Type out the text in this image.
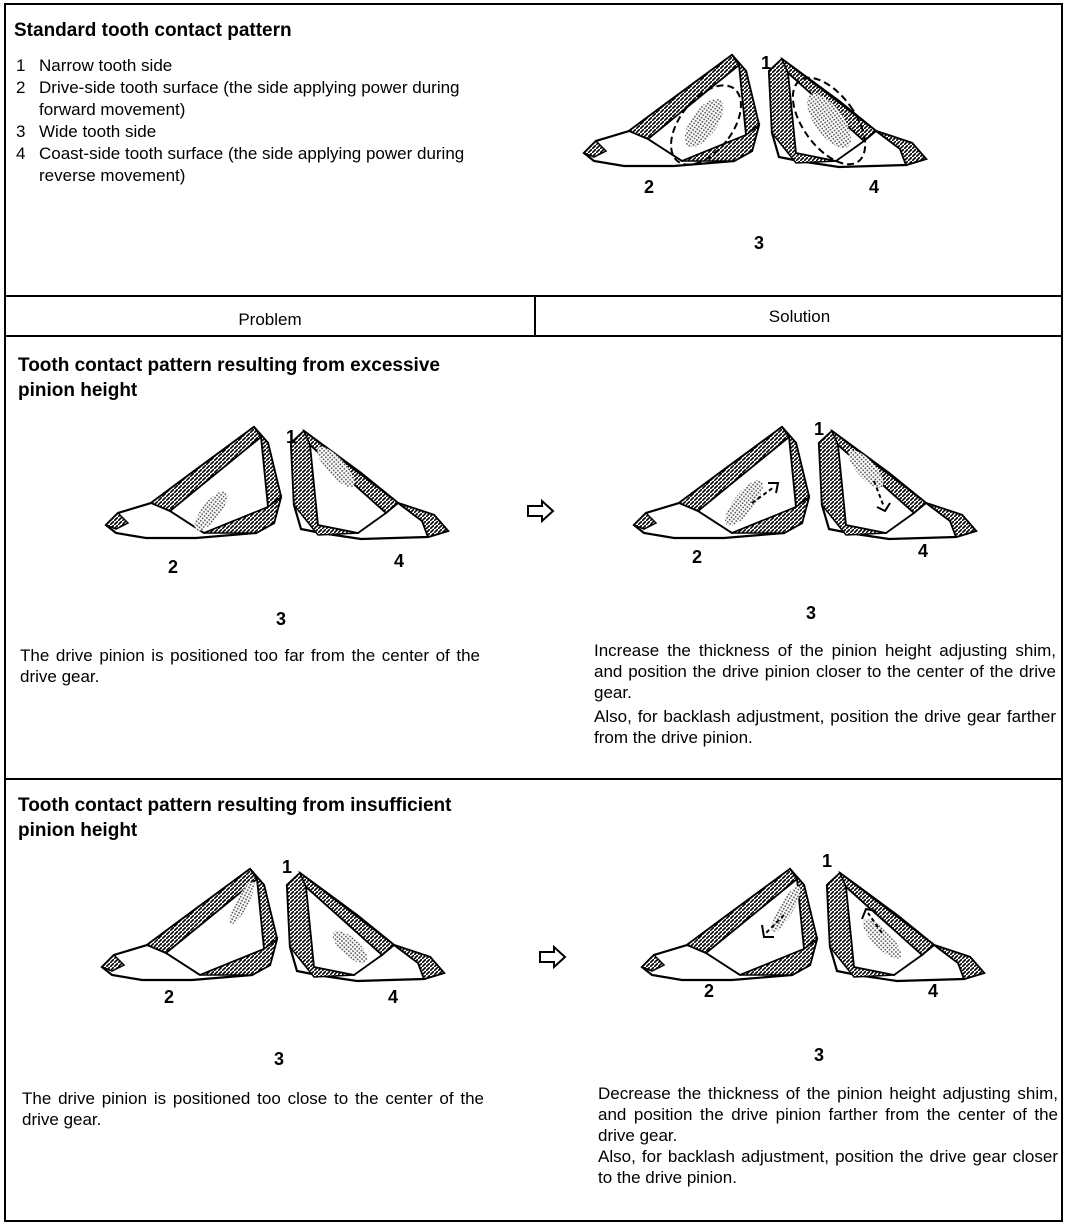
Standard tooth contact pattern
1 Narrow tooth side
2 Drive-side tooth surface (the side applying power during forward movement)
3 Wide tooth side
4 Coast-side tooth surface (the side applying power during reverse movement)
1
2
3
4
Problem	Solution
Tooth contact pattern resulting from excessive pinion height
1
2
3
4
1
2
3
4

The drive pinion is positioned too far from the center of the drive gear.

Increase the thickness of the pinion height adjusting shim, and position the drive pinion closer to the center of the drive gear.

Also, for backlash adjustment, position the drive gear farther from the drive pinion.

Tooth contact pattern resulting from insufficient pinion height
1
2
3
4
1
2
3
4

The drive pinion is positioned too close to the center of the drive gear.

Decrease the thickness of the pinion height adjusting shim, and position the drive pinion farther from the center of the drive gear.

Also, for backlash adjustment, position the drive gear closer to the drive pinion.
